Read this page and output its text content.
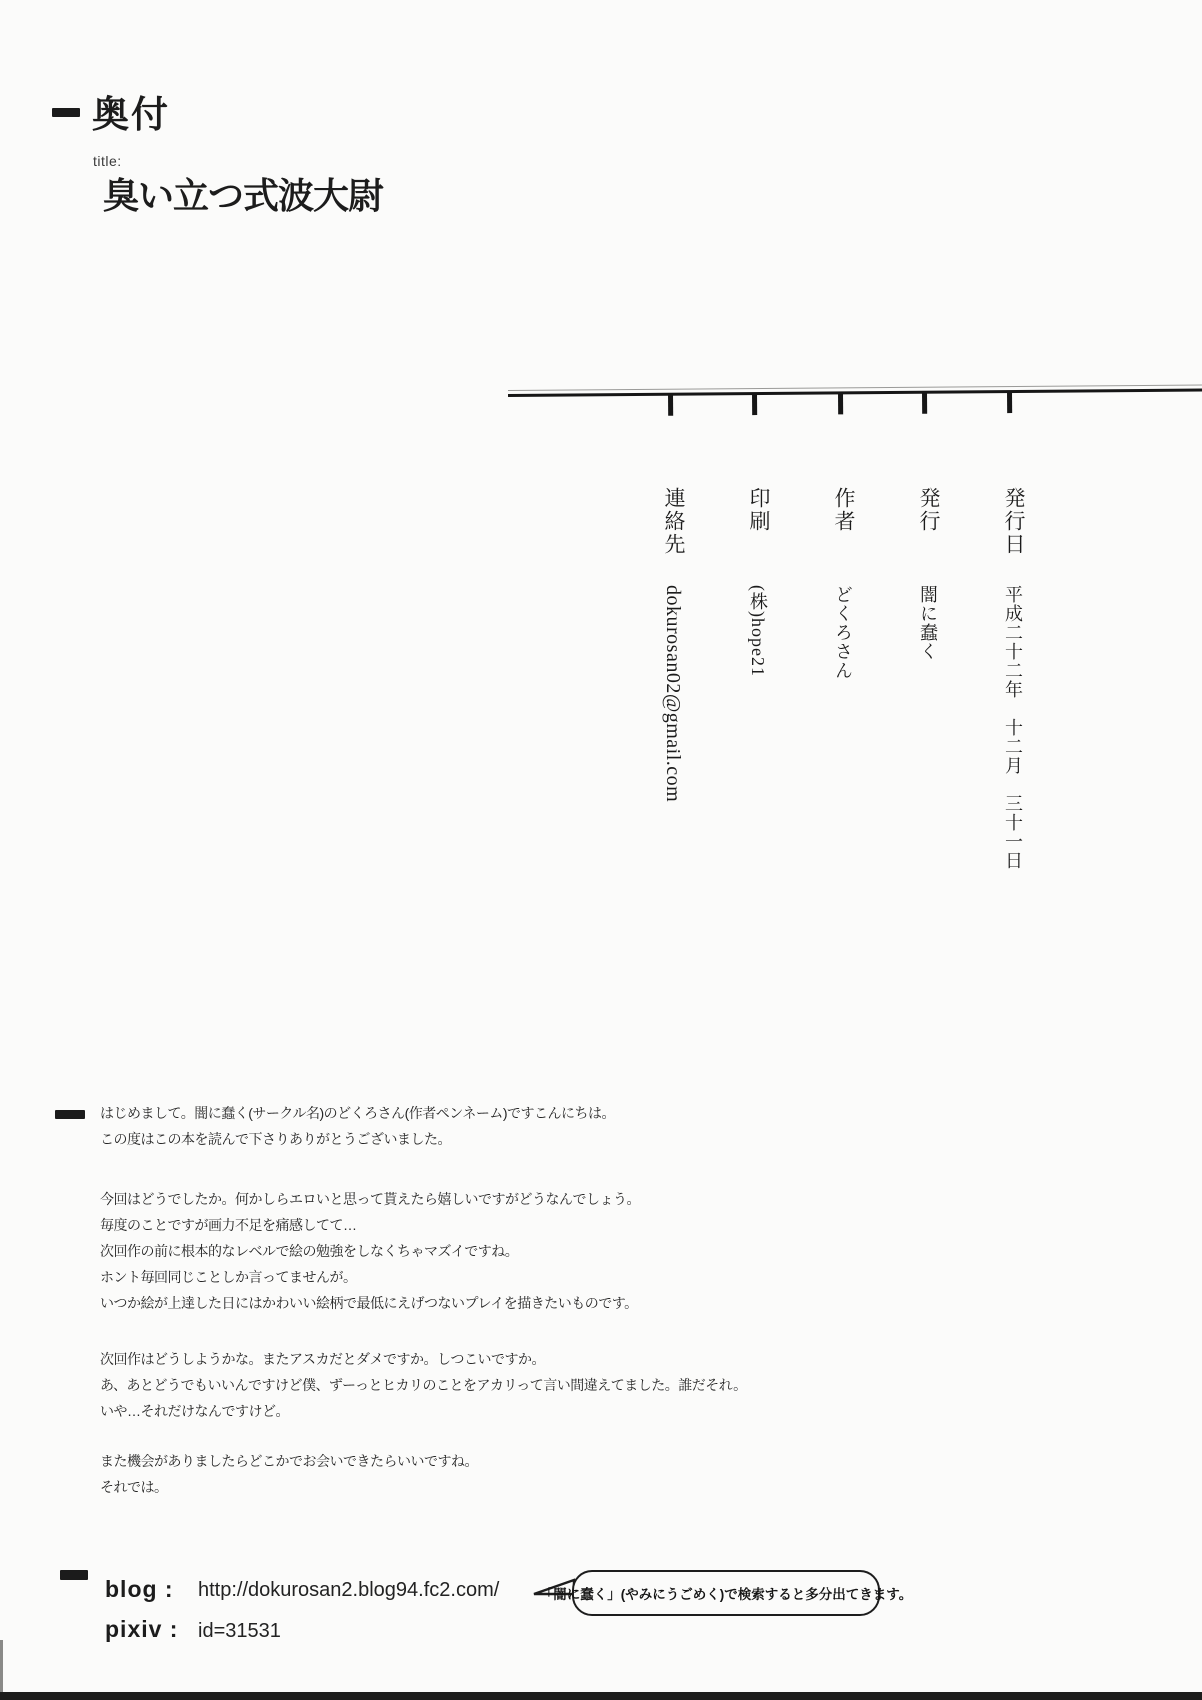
奥付
title:
臭い立つ式波大尉
発行日
平成二十二年　十二月　三十一日
発行
闇に蠢く
作者
どくろさん
印刷
(株)hope21
連絡先
dokurosan02@gmail.com
はじめまして。闇に蠢く(サークル名)のどくろさん(作者ペンネーム)ですこんにちは。
この度はこの本を読んで下さりありがとうございました。
今回はどうでしたか。何かしらエロいと思って貰えたら嬉しいですがどうなんでしょう。
毎度のことですが画力不足を痛感してて…
次回作の前に根本的なレベルで絵の勉強をしなくちゃマズイですね。
ホント毎回同じことしか言ってませんが。
いつか絵が上達した日にはかわいい絵柄で最低にえげつないプレイを描きたいものです。
次回作はどうしようかな。またアスカだとダメですか。しつこいですか。
あ、あとどうでもいいんですけど僕、ずーっとヒカリのことをアカリって言い間違えてました。誰だそれ。
いや…それだけなんですけど。
また機会がありましたらどこかでお会いできたらいいですね。
それでは。
blog : http://dokurosan2.blog94.fc2.com/
pixiv : id=31531
「闇に蠢く」(やみにうごめく)で検索すると多分出てきます。
